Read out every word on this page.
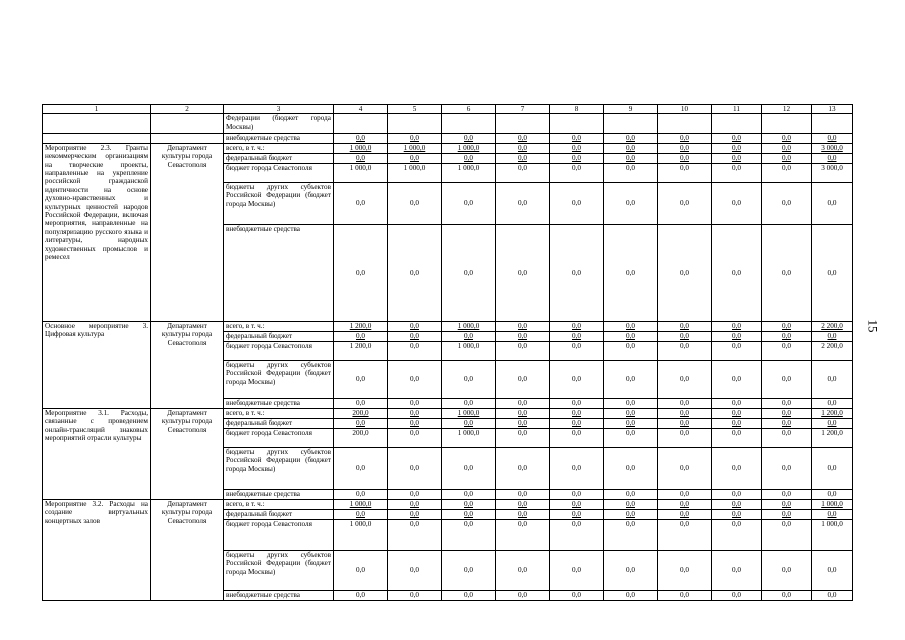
15
1	2	3	4	5	6	7	8	9	10	11	12	13
		Федерации (бюджет города Москвы)										
		внебюджетные средства	0,0	0,0	0,0	0,0	0,0	0,0	0,0	0,0	0,0	0,0
Мероприятие 2.3. Гранты некоммерческим организациям на творческие проекты, направленные на укрепление российской гражданской идентичности на основе духовно-нравственных и культурных ценностей народов Российской Федерации, включая мероприятия, направленные на популяризацию русского языка и литературы, народных художественных промыслов и ремесел	Департамент культуры города Севастополя	всего, в т. ч.:	1 000,0	1 000,0	1 000,0	0,0	0,0	0,0	0,0	0,0	0,0	3 000,0
		федеральный бюджет	0,0	0,0	0,0	0,0	0,0	0,0	0,0	0,0	0,0	0,0
		бюджет города Севастополя	1 000,0	1 000,0	1 000,0	0,0	0,0	0,0	0,0	0,0	0,0	3 000,0
		бюджеты других субъектов Российской Федерации (бюджет города Москвы)	0,0	0,0	0,0	0,0	0,0	0,0	0,0	0,0	0,0	0,0
		внебюджетные средства	0,0	0,0	0,0	0,0	0,0	0,0	0,0	0,0	0,0	0,0
Основное мероприятие 3. Цифровая культура	Департамент культуры города Севастополя	всего, в т. ч.:	1 200,0	0,0	1 000,0	0,0	0,0	0,0	0,0	0,0	0,0	2 200,0
		федеральный бюджет	0,0	0,0	0,0	0,0	0,0	0,0	0,0	0,0	0,0	0,0
		бюджет города Севастополя	1 200,0	0,0	1 000,0	0,0	0,0	0,0	0,0	0,0	0,0	2 200,0
		бюджеты других субъектов Российской Федерации (бюджет города Москвы)	0,0	0,0	0,0	0,0	0,0	0,0	0,0	0,0	0,0	0,0
		внебюджетные средства	0,0	0,0	0,0	0,0	0,0	0,0	0,0	0,0	0,0	0,0
Мероприятие 3.1. Расходы, связанные с проведением онлайн-трансляций знаковых мероприятий отрасли культуры	Департамент культуры города Севастополя	всего, в т. ч.:	200,0	0,0	1 000,0	0,0	0,0	0,0	0,0	0,0	0,0	1 200,0
		федеральный бюджет	0,0	0,0	0,0	0,0	0,0	0,0	0,0	0,0	0,0	0,0
		бюджет города Севастополя	200,0	0,0	1 000,0	0,0	0,0	0,0	0,0	0,0	0,0	1 200,0
		бюджеты других субъектов Российской Федерации (бюджет города Москвы)	0,0	0,0	0,0	0,0	0,0	0,0	0,0	0,0	0,0	0,0
		внебюджетные средства	0,0	0,0	0,0	0,0	0,0	0,0	0,0	0,0	0,0	0,0
Мероприятие 3.2. Расходы на создание виртуальных концертных залов	Департамент культуры города Севастополя	всего, в т. ч.:	1 000,0	0,0	0,0	0,0	0,0	0,0	0,0	0,0	0,0	1 000,0
		федеральный бюджет	0,0	0,0	0,0	0,0	0,0	0,0	0,0	0,0	0,0	0,0
		бюджет города Севастополя	1 000,0	0,0	0,0	0,0	0,0	0,0	0,0	0,0	0,0	1 000,0
		бюджеты других субъектов Российской Федерации (бюджет города Москвы)	0,0	0,0	0,0	0,0	0,0	0,0	0,0	0,0	0,0	0,0
		внебюджетные средства	0,0	0,0	0,0	0,0	0,0	0,0	0,0	0,0	0,0	0,0
